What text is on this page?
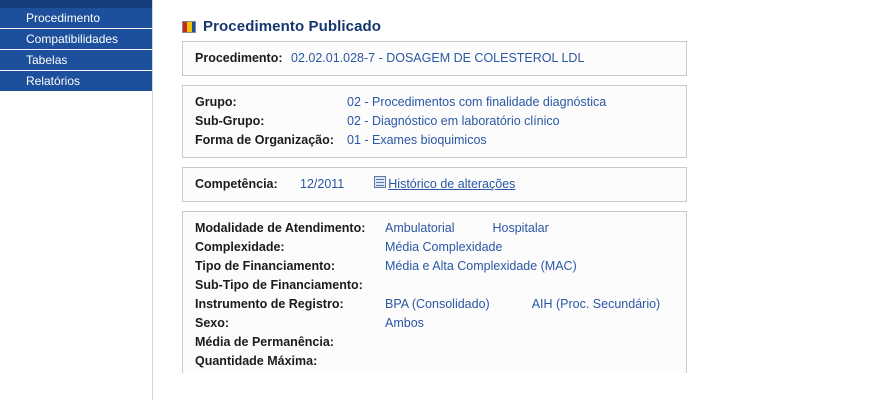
Procedimento
Compatibilidades
Tabelas
Relatórios
Procedimento Publicado
Procedimento: 02.02.01.028-7 - DOSAGEM DE COLESTEROL LDL
Grupo:	02 - Procedimentos com finalidade diagnóstica
Sub-Grupo:	02 - Diagnóstico em laboratório clínico
Forma de Organização:	01 - Exames bioquimicos
Competência:	12/2011	Histórico de alterações
Modalidade de Atendimento:	Ambulatorial	Hospitalar
Complexidade:	Média Complexidade
Tipo de Financiamento:	Média e Alta Complexidade (MAC)
Sub-Tipo de Financiamento:
Instrumento de Registro:	BPA (Consolidado)	AIH (Proc. Secundário)
Sexo:	Ambos
Média de Permanência:
Quantidade Máxima:
